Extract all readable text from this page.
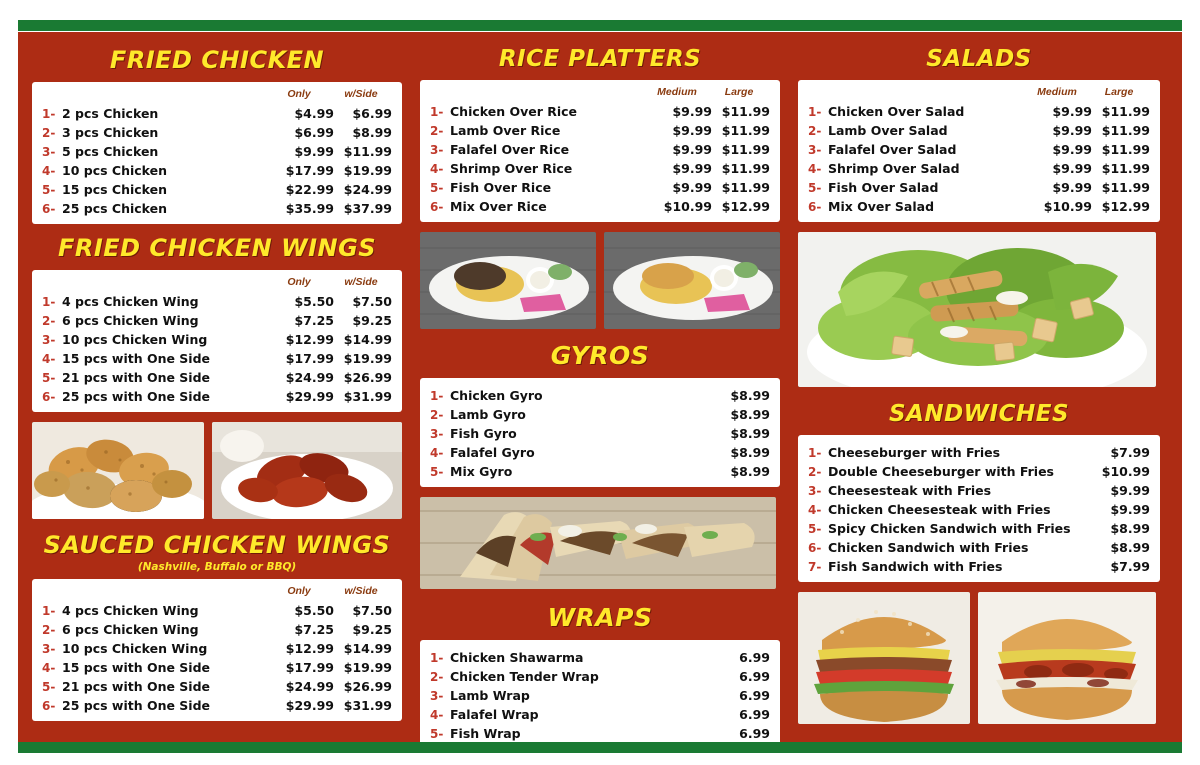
FRIED CHICKEN
Only	w/Side
1-	2 pcs Chicken		$4.99	$6.99
2-	3 pcs Chicken		$6.99	$8.99
3-	5 pcs Chicken		$9.99	$11.99
4-	10 pcs Chicken		$17.99	$19.99
5-	15 pcs Chicken		$22.99	$24.99
6-	25 pcs Chicken		$35.99	$37.99
FRIED CHICKEN WINGS
Only	w/Side
1-	4 pcs Chicken Wing		$5.50	$7.50
2-	6 pcs Chicken Wing		$7.25	$9.25
3-	10 pcs Chicken Wing		$12.99	$14.99
4-	15 pcs with One Side		$17.99	$19.99
5-	21 pcs with One Side		$24.99	$26.99
6-	25 pcs with One Side		$29.99	$31.99
SAUCED CHICKEN WINGS
(Nashville, Buffalo or BBQ)
Only	w/Side
1-	4 pcs Chicken Wing		$5.50	$7.50
2-	6 pcs Chicken Wing		$7.25	$9.25
3-	10 pcs Chicken Wing		$12.99	$14.99
4-	15 pcs with One Side		$17.99	$19.99
5-	21 pcs with One Side		$24.99	$26.99
6-	25 pcs with One Side		$29.99	$31.99
RICE PLATTERS
Medium	Large
1-	Chicken Over Rice		$9.99	$11.99
2-	Lamb Over Rice		$9.99	$11.99
3-	Falafel Over Rice		$9.99	$11.99
4-	Shrimp Over Rice		$9.99	$11.99
5-	Fish Over Rice		$9.99	$11.99
6-	Mix Over Rice		$10.99	$12.99
GYROS
1-	Chicken Gyro		$8.99
2-	Lamb Gyro		$8.99
3-	Fish Gyro		$8.99
4-	Falafel Gyro		$8.99
5-	Mix Gyro		$8.99
WRAPS
1-	Chicken Shawarma		6.99
2-	Chicken Tender Wrap		6.99
3-	Lamb Wrap		6.99
4-	Falafel Wrap		6.99
5-	Fish Wrap		6.99
SALADS
Medium	Large
1-	Chicken Over Salad		$9.99	$11.99
2-	Lamb Over Salad		$9.99	$11.99
3-	Falafel Over Salad		$9.99	$11.99
4-	Shrimp Over Salad		$9.99	$11.99
5-	Fish Over Salad		$9.99	$11.99
6-	Mix Over Salad		$10.99	$12.99
SANDWICHES
1-	Cheeseburger with Fries		$7.99
2-	Double Cheeseburger with Fries		$10.99
3-	Cheesesteak with Fries		$9.99
4-	Chicken Cheesesteak with Fries		$9.99
5-	Spicy Chicken Sandwich with Fries		$8.99
6-	Chicken Sandwich with Fries		$8.99
7-	Fish Sandwich with Fries		$7.99
